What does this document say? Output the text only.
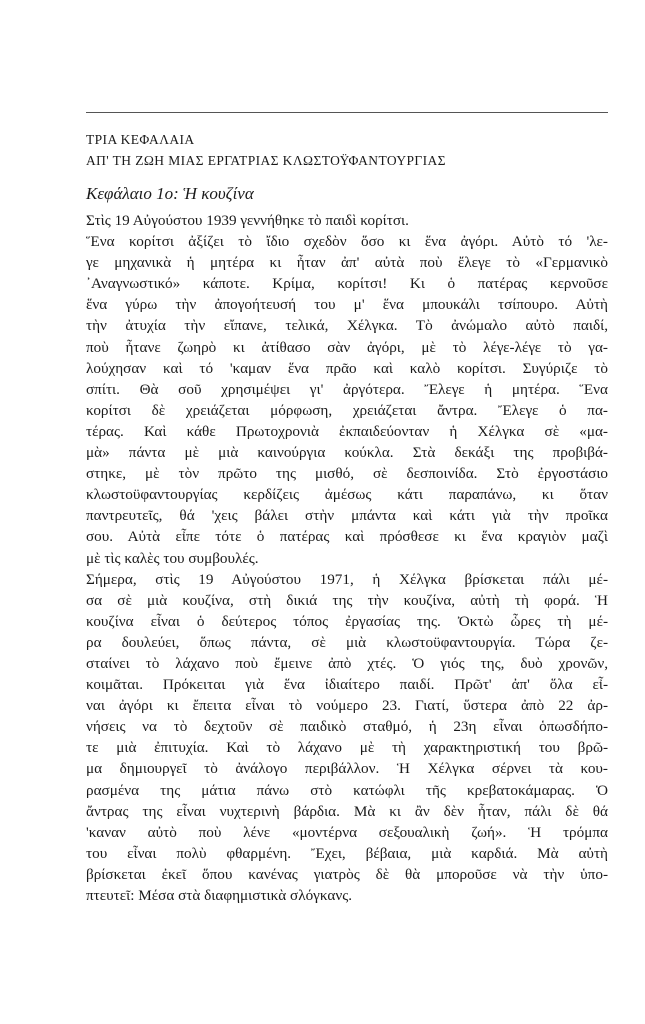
ΤΡΙΑ ΚΕΦΑΛΑΙΑ
ΑΠ' ΤΗ ΖΩΗ ΜΙΑΣ ΕΡΓΑΤΡΙΑΣ ΚΛΩΣΤΟΫΦΑΝΤΟΥΡΓΙΑΣ
Κεφάλαιο 1ο: Ἡ κουζίνα
Στὶς 19 Αὐγούστου 1939 γεννήθηκε τὸ παιδὶ κορίτσι.
Ἕνα κορίτσι ἀξίζει τὸ ἴδιο σχεδὸν ὅσο κι ἕνα ἀγόρι. Αὐτὸ τό 'λε-
γε μηχανικὰ ἡ μητέρα κι ἦταν ἀπ' αὐτὰ ποὺ ἔλεγε τὸ «Γερμανικὸ
᾿Αναγνωστικό» κάποτε. Κρίμα, κορίτσι! Κι ὁ πατέρας κερνοῦσε
ἕνα γύρω τὴν ἀπογοήτευσή του μ' ἕνα μπουκάλι τσίπουρο. Αὐτὴ
τὴν ἀτυχία τὴν εἴπανε, τελικά, Χέλγκα. Τὸ ἀνώμαλο αὐτὸ παιδί,
ποὺ ἦτανε ζωηρὸ κι ἀτίθασο σὰν ἀγόρι, μὲ τὸ λέγε-λέγε τὸ γα-
λούχησαν καὶ τό 'καμαν ἕνα πρᾶο καὶ καλὸ κορίτσι. Συγύριζε τὸ
σπίτι. Θὰ σοῦ χρησιμέψει γι' ἀργότερα. Ἔλεγε ἡ μητέρα. Ἕνα
κορίτσι δὲ χρειάζεται μόρφωση, χρειάζεται ἄντρα. Ἔλεγε ὁ πα-
τέρας. Καὶ κάθε Πρωτοχρονιὰ ἐκπαιδεύονταν ἡ Χέλγκα σὲ «μα-
μὰ» πάντα μὲ μιὰ καινούργια κούκλα. Στὰ δεκάξι της προβιβά-
στηκε, μὲ τὸν πρῶτο της μισθό, σὲ δεσποινίδα. Στὸ ἐργοστάσιο
κλωστοϋφαντουργίας κερδίζεις ἀμέσως κάτι παραπάνω, κι ὅταν
παντρευτεῖς, θά 'χεις βάλει στὴν μπάντα καὶ κάτι γιὰ τὴν προῖκα
σου. Αὐτὰ εἶπε τότε ὁ πατέρας καὶ πρόσθεσε κι ἕνα κραγιὸν μαζὶ
μὲ τὶς καλὲς του συμβουλές.
Σήμερα, στὶς 19 Αὐγούστου 1971, ἡ Χέλγκα βρίσκεται πάλι μέ-
σα σὲ μιὰ κουζίνα, στὴ δικιά της τὴν κουζίνα, αὐτὴ τὴ φορά. Ἡ
κουζίνα εἶναι ὁ δεύτερος τόπος ἐργασίας της. Ὀκτὼ ὧρες τὴ μέ-
ρα δουλεύει, ὅπως πάντα, σὲ μιὰ κλωστοϋφαντουργία. Τώρα ζε-
σταίνει τὸ λάχανο ποὺ ἔμεινε ἀπὸ χτές. Ὁ γιός της, δυὸ χρονῶν,
κοιμᾶται. Πρόκειται γιὰ ἕνα ἰδιαίτερο παιδί. Πρῶτ' ἀπ' ὅλα εἶ-
ναι ἀγόρι κι ἔπειτα εἶναι τὸ νούμερο 23. Γιατί, ὕστερα ἀπὸ 22 ἀρ-
νήσεις να τὸ δεχτοῦν σὲ παιδικὸ σταθμό, ἡ 23η εἶναι ὁπωσδήπο-
τε μιὰ ἐπιτυχία. Καὶ τὸ λάχανο μὲ τὴ χαρακτηριστική του βρῶ-
μα δημιουργεῖ τὸ ἀνάλογο περιβάλλον. Ἡ Χέλγκα σέρνει τὰ κου-
ρασμένα της μάτια πάνω στὸ κατώφλι τῆς κρεβατοκάμαρας. Ὁ
ἄντρας της εἶναι νυχτερινὴ βάρδια. Μὰ κι ἂν δὲν ἦταν, πάλι δὲ θά
'καναν αὐτὸ ποὺ λένε «μοντέρνα σεξουαλικὴ ζωή». Ἡ τρόμπα
του εἶναι πολὺ φθαρμένη. Ἔχει, βέβαια, μιὰ καρδιά. Μὰ αὐτὴ
βρίσκεται ἐκεῖ ὅπου κανένας γιατρὸς δὲ θὰ μποροῦσε νὰ τὴν ὑπο-
πτευτεῖ: Μέσα στὰ διαφημιστικὰ σλόγκανς.
